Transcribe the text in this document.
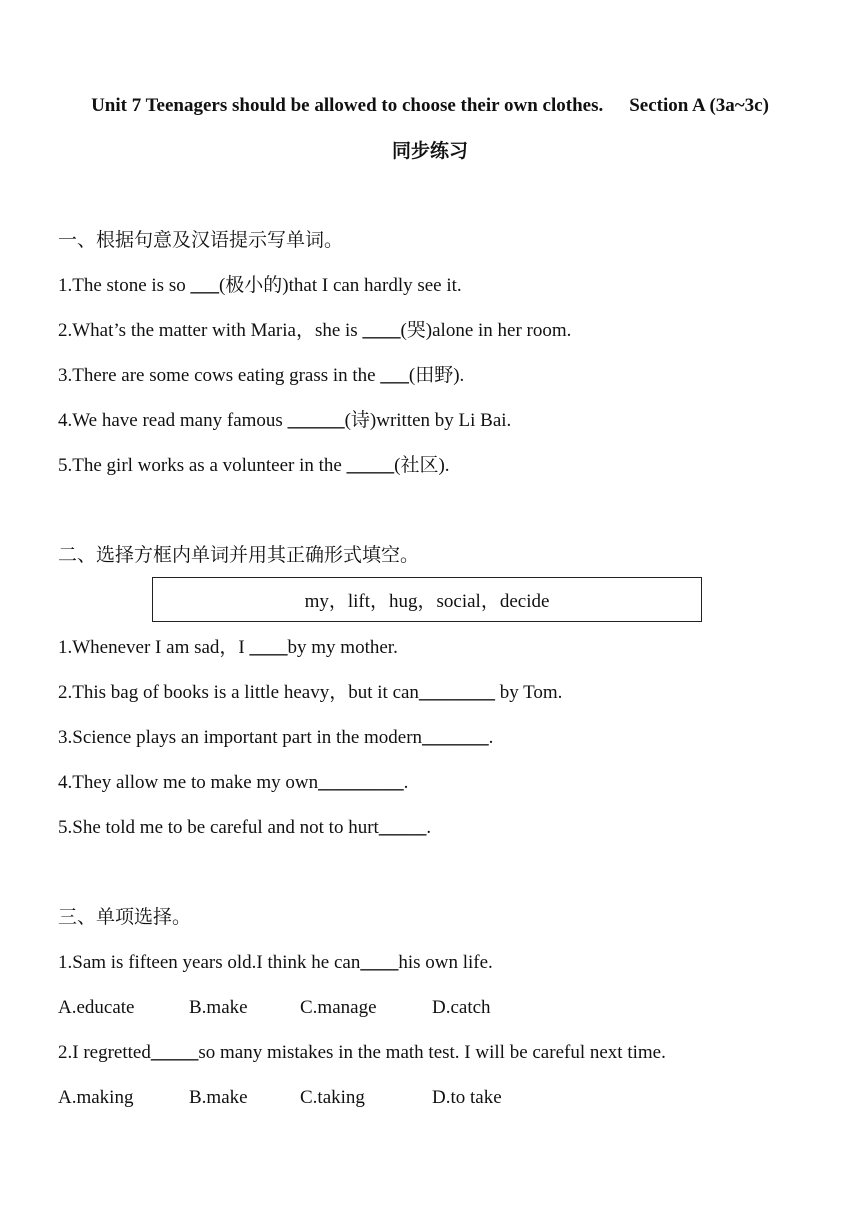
Unit 7 Teenagers should be allowed to choose their own clothes. Section A (3a~3c)
同步练习
一、根据句意及汉语提示写单词。
1.The stone is so ___(极小的)that I can hardly see it.
2.What’s the matter with Maria，she is ____(哭)alone in her room.
3.There are some cows eating grass in the ___(田野).
4.We have read many famous ______(诗)written by Li Bai.
5.The girl works as a volunteer in the _____(社区).
二、选择方框内单词并用其正确形式填空。
my，lift，hug，social，decide
1.Whenever I am sad，I ____by my mother.
2.This bag of books is a little heavy，but it can________ by Tom.
3.Science plays an important part in the modern_______.
4.They allow me to make my own_________.
5.She told me to be careful and not to hurt_____.
三、单项选择。
1.Sam is fifteen years old.I think he can____his own life.
A.educate	B.make	C.manage	D.catch
2.I regretted_____so many mistakes in the math test. I will be careful next time.
A.making	B.make	C.taking	D.to take
